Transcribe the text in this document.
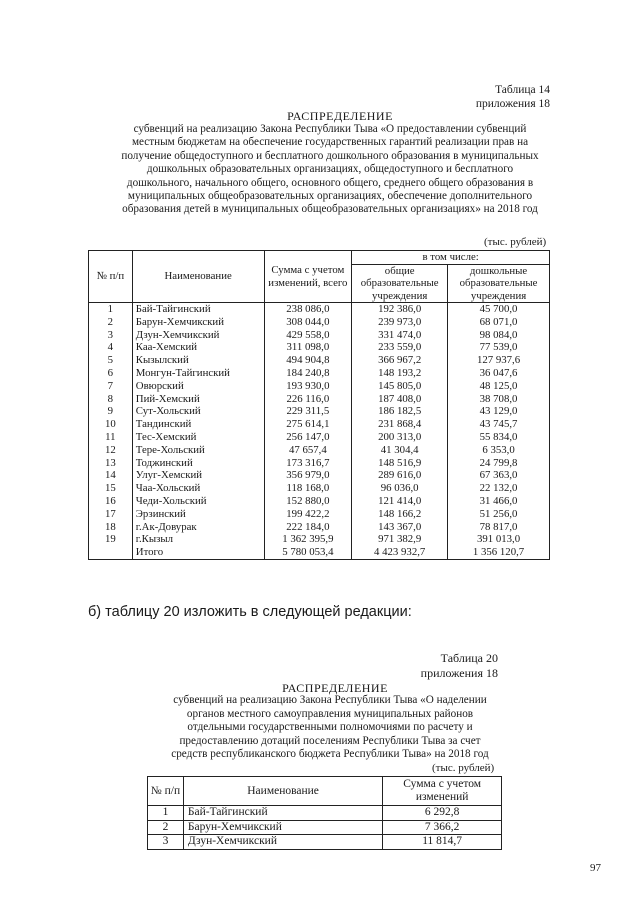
Таблица 14
приложения 18
РАСПРЕДЕЛЕНИЕ
субвенций на реализацию Закона Республики Тыва «О предоставлении субвенций
местным бюджетам на обеспечение государственных гарантий реализации прав на
получение общедоступного и бесплатного дошкольного образования в муниципальных
дошкольных образовательных организациях, общедоступного и бесплатного
дошкольного, начального общего, основного общего, среднего общего образования в
муниципальных общеобразовательных организациях, обеспечение дополнительного
образования детей в муниципальных общеобразовательных организациях» на 2018 год
(тыс. рублей)
№ п/п	Наименование	Сумма с учетом изменений, всего	в том числе:	
			общие образовательные учреждения	дошкольные образовательные учреждения
1	Бай-Тайгинский	238 086,0	192 386,0	45 700,0
2	Барун-Хемчикский	308 044,0	239 973,0	68 071,0
3	Дзун-Хемчикский	429 558,0	331 474,0	98 084,0
4	Каа-Хемский	311 098,0	233 559,0	77 539,0
5	Кызылский	494 904,8	366 967,2	127 937,6
6	Монгун-Тайгинский	184 240,8	148 193,2	36 047,6
7	Овюрский	193 930,0	145 805,0	48 125,0
8	Пий-Хемский	226 116,0	187 408,0	38 708,0
9	Сут-Хольский	229 311,5	186 182,5	43 129,0
10	Тандинский	275 614,1	231 868,4	43 745,7
11	Тес-Хемский	256 147,0	200 313,0	55 834,0
12	Тере-Хольский	47 657,4	41 304,4	6 353,0
13	Тоджинский	173 316,7	148 516,9	24 799,8
14	Улуг-Хемский	356 979,0	289 616,0	67 363,0
15	Чаа-Хольский	118 168,0	96 036,0	22 132,0
16	Чеди-Хольский	152 880,0	121 414,0	31 466,0
17	Эрзинский	199 422,2	148 166,2	51 256,0
18	г.Ак-Довурак	222 184,0	143 367,0	78 817,0
19	г.Кызыл	1 362 395,9	971 382,9	391 013,0
	Итого	5 780 053,4	4 423 932,7	1 356 120,7
б) таблицу 20 изложить в следующей редакции:
Таблица 20
приложения 18
РАСПРЕДЕЛЕНИЕ
субвенций на реализацию Закона Республики Тыва «О наделении
органов местного самоуправления муниципальных районов
отдельными государственными полномочиями по расчету и
предоставлению дотаций поселениям Республики Тыва за счет
средств республиканского бюджета Республики Тыва» на 2018 год
(тыс. рублей)
№ п/п	Наименование	Сумма с учетом изменений
1	Бай-Тайгинский	6 292,8
2	Барун-Хемчикский	7 366,2
3	Дзун-Хемчикский	11 814,7
97
